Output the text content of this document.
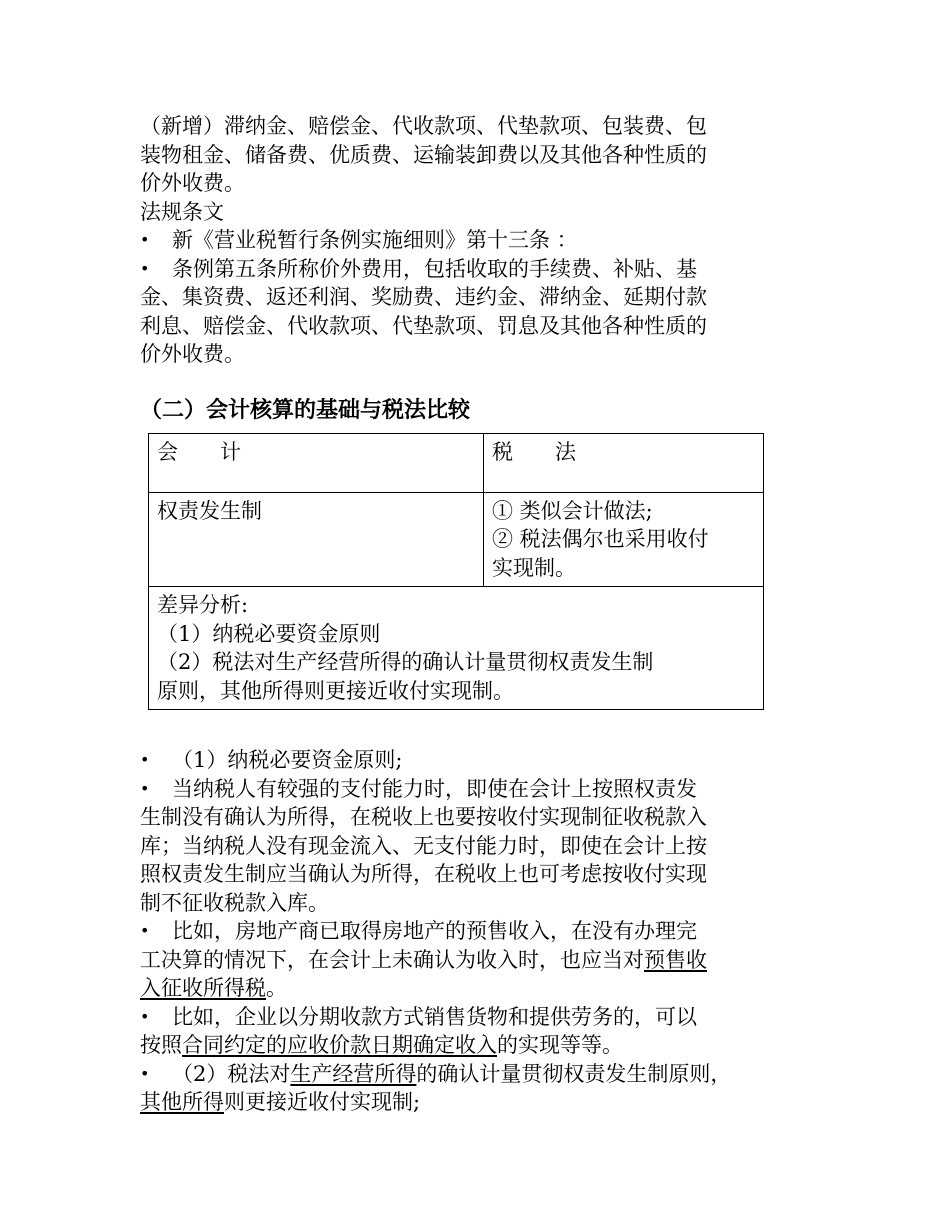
（新增）滞纳金、赔偿金、代收款项、代垫款项、包装费、包
装物租金、储备费、优质费、运输装卸费以及其他各种性质的
价外收费。
法规条文
• 新《营业税暂行条例实施细则》第十三条 ：
• 条例第五条所称价外费用，包括收取的手续费、补贴、基
金、集资费、返还利润、奖励费、违约金、滞纳金、延期付款
利息、赔偿金、代收款项、代垫款项、罚息及其他各种性质的
价外收费。
（二）会计核算的基础与税法比较
会　　计	税　　法
权责发生制	① 类似会计做法;
② 税法偶尔也采用收付
实现制。

差异分析:
（1）纳税必要资金原则
（2）税法对生产经营所得的确认计量贯彻权责发生制
原则，其他所得则更接近收付实现制。	
• （1）纳税必要资金原则;
• 当纳税人有较强的支付能力时，即使在会计上按照权责发
生制没有确认为所得，在税收上也要按收付实现制征收税款入
库；当纳税人没有现金流入、无支付能力时，即使在会计上按
照权责发生制应当确认为所得，在税收上也可考虑按收付实现
制不征收税款入库。
• 比如，房地产商已取得房地产的预售收入，在没有办理完
工决算的情况下，在会计上未确认为收入时，也应当对预售收
入征收所得税。
• 比如，企业以分期收款方式销售货物和提供劳务的，可以
按照合同约定的应收价款日期确定收入的实现等等。
• （2）税法对生产经营所得的确认计量贯彻权责发生制原则，
其他所得则更接近收付实现制;
